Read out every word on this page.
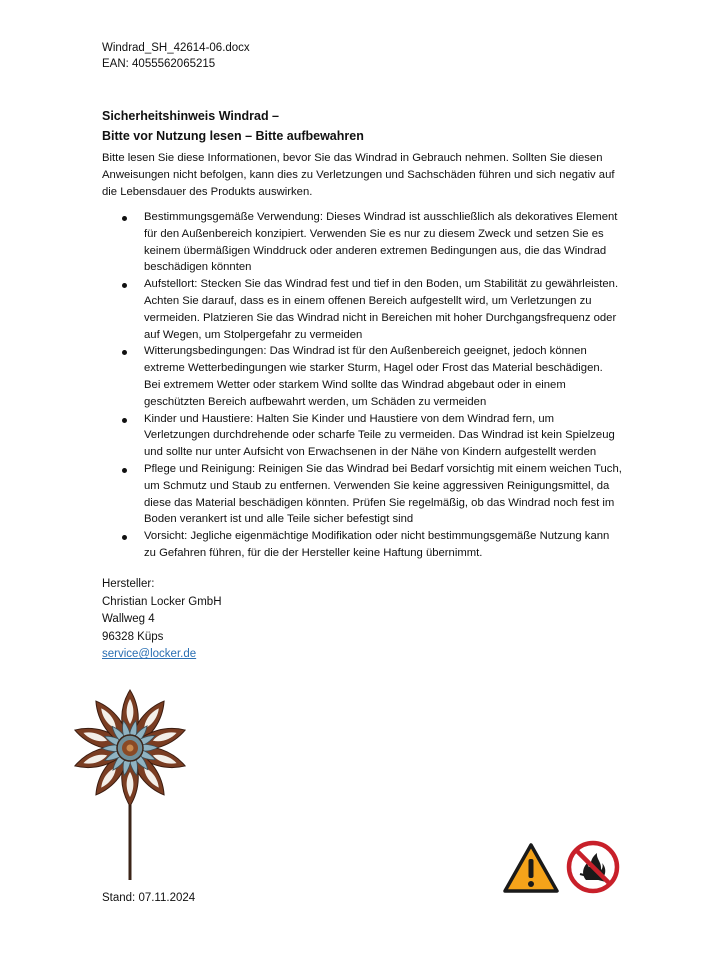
Windrad_SH_42614-06.docx
EAN: 4055562065215
Sicherheitshinweis Windrad –
Bitte vor Nutzung lesen – Bitte aufbewahren
Bitte lesen Sie diese Informationen, bevor Sie das Windrad in Gebrauch nehmen. Sollten Sie diesen Anweisungen nicht befolgen, kann dies zu Verletzungen und Sachschäden führen und sich negativ auf die Lebensdauer des Produkts auswirken.
Bestimmungsgemäße Verwendung: Dieses Windrad ist ausschließlich als dekoratives Element für den Außenbereich konzipiert. Verwenden Sie es nur zu diesem Zweck und setzen Sie es keinem übermäßigen Winddruck oder anderen extremen Bedingungen aus, die das Windrad beschädigen könnten
Aufstellort: Stecken Sie das Windrad fest und tief in den Boden, um Stabilität zu gewährleisten. Achten Sie darauf, dass es in einem offenen Bereich aufgestellt wird, um Verletzungen zu vermeiden. Platzieren Sie das Windrad nicht in Bereichen mit hoher Durchgangsfrequenz oder auf Wegen, um Stolpergefahr zu vermeiden
Witterungsbedingungen: Das Windrad ist für den Außenbereich geeignet, jedoch können extreme Wetterbedingungen wie starker Sturm, Hagel oder Frost das Material beschädigen. Bei extremem Wetter oder starkem Wind sollte das Windrad abgebaut oder in einem geschützten Bereich aufbewahrt werden, um Schäden zu vermeiden
Kinder und Haustiere: Halten Sie Kinder und Haustiere von dem Windrad fern, um Verletzungen durchdrehende oder scharfe Teile zu vermeiden. Das Windrad ist kein Spielzeug und sollte nur unter Aufsicht von Erwachsenen in der Nähe von Kindern aufgestellt werden
Pflege und Reinigung: Reinigen Sie das Windrad bei Bedarf vorsichtig mit einem weichen Tuch, um Schmutz und Staub zu entfernen. Verwenden Sie keine aggressiven Reinigungsmittel, da diese das Material beschädigen könnten. Prüfen Sie regelmäßig, ob das Windrad noch fest im Boden verankert ist und alle Teile sicher befestigt sind
Vorsicht: Jegliche eigenmächtige Modifikation oder nicht bestimmungsgemäße Nutzung kann zu Gefahren führen, für die der Hersteller keine Haftung übernimmt.
Hersteller:
Christian Locker GmbH
Wallweg 4
96328 Küps
service@locker.de
Stand: 07.11.2024
